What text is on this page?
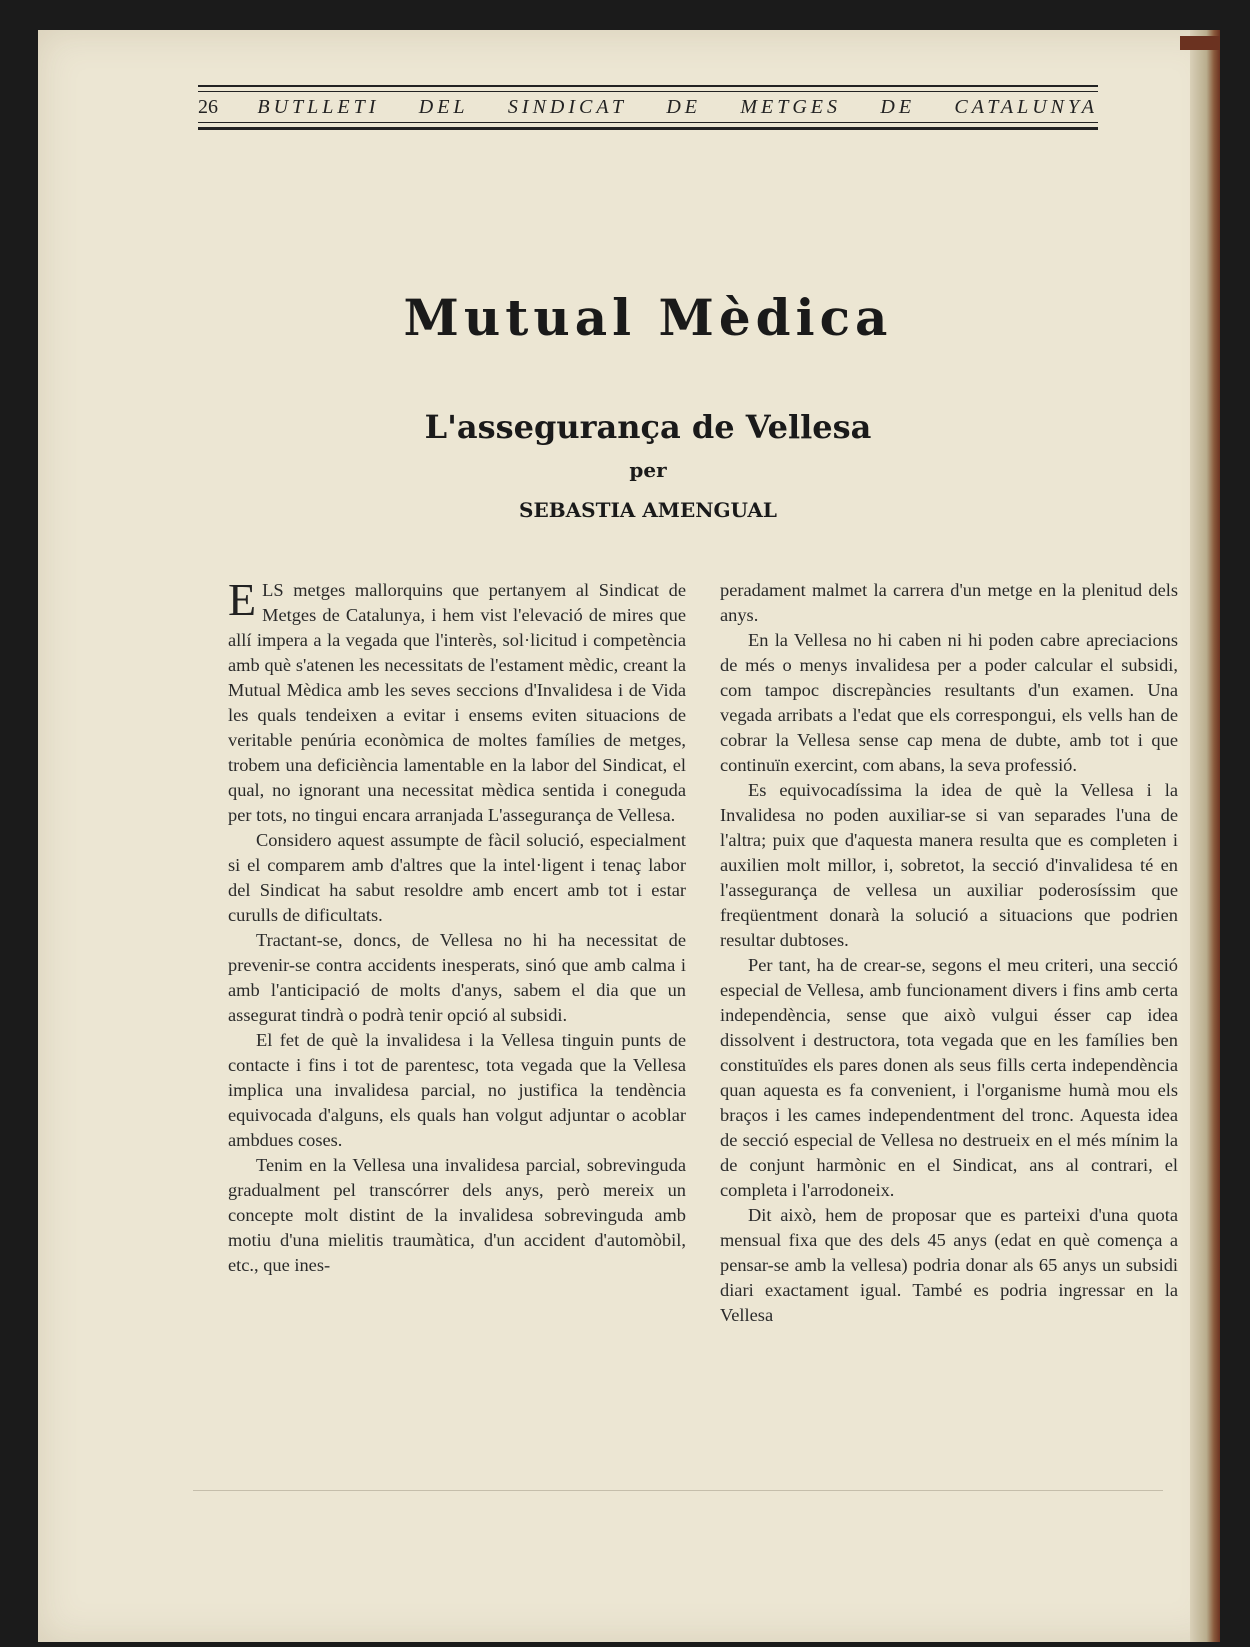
26 BUTLLETI DEL SINDICAT DE METGES DE CATALUNYA
Mutual Mèdica
L'assegurança de Vellesa
per
SEBASTIA AMENGUAL

ELS metges mallorquins que pertanyem al Sindicat de Metges de Catalunya, i hem vist l'elevació de mires que allí impera a la vegada que l'interès, sol·licitud i competència amb què s'atenen les necessitats de l'estament mèdic, creant la Mutual Mèdica amb les seves seccions d'Invalidesa i de Vida les quals tendeixen a evitar i ensems eviten situacions de veritable penúria econòmica de moltes famílies de metges, trobem una deficiència lamentable en la labor del Sindicat, el qual, no ignorant una necessitat mèdica sentida i coneguda per tots, no tingui encara arranjada L'assegurança de Vellesa.

Considero aquest assumpte de fàcil solució, especialment si el comparem amb d'altres que la intel·ligent i tenaç labor del Sindicat ha sabut resoldre amb encert amb tot i estar curulls de dificultats.

Tractant-se, doncs, de Vellesa no hi ha necessitat de prevenir-se contra accidents inesperats, sinó que amb calma i amb l'anticipació de molts d'anys, sabem el dia que un assegurat tindrà o podrà tenir opció al subsidi.

El fet de què la invalidesa i la Vellesa tinguin punts de contacte i fins i tot de parentesc, tota vegada que la Vellesa implica una invalidesa parcial, no justifica la tendència equivocada d'alguns, els quals han volgut adjuntar o acoblar ambdues coses.

Tenim en la Vellesa una invalidesa parcial, sobrevinguda gradualment pel transcórrer dels anys, però mereix un concepte molt distint de la invalidesa sobrevinguda amb motiu d'una mielitis traumàtica, d'un accident d'automòbil, etc., que ines-

peradament malmet la carrera d'un metge en la plenitud dels anys.

En la Vellesa no hi caben ni hi poden cabre apreciacions de més o menys invalidesa per a poder calcular el subsidi, com tampoc discrepàncies resultants d'un examen. Una vegada arribats a l'edat que els correspongui, els vells han de cobrar la Vellesa sense cap mena de dubte, amb tot i que continuïn exercint, com abans, la seva professió.

Es equivocadíssima la idea de què la Vellesa i la Invalidesa no poden auxiliar-se si van separades l'una de l'altra; puix que d'aquesta manera resulta que es completen i auxilien molt millor, i, sobretot, la secció d'invalidesa té en l'assegurança de vellesa un auxiliar poderosíssim que freqüentment donarà la solució a situacions que podrien resultar dubtoses.

Per tant, ha de crear-se, segons el meu criteri, una secció especial de Vellesa, amb funcionament divers i fins amb certa independència, sense que això vulgui ésser cap idea dissolvent i destructora, tota vegada que en les famílies ben constituïdes els pares donen als seus fills certa independència quan aquesta es fa convenient, i l'organisme humà mou els braços i les cames independentment del tronc. Aquesta idea de secció especial de Vellesa no destrueix en el més mínim la de conjunt harmònic en el Sindicat, ans al contrari, el completa i l'arrodoneix.

Dit això, hem de proposar que es parteixi d'una quota mensual fixa que des dels 45 anys (edat en què comença a pensar-se amb la vellesa) podria donar als 65 anys un subsidi diari exactament igual. També es podria ingressar en la Vellesa
